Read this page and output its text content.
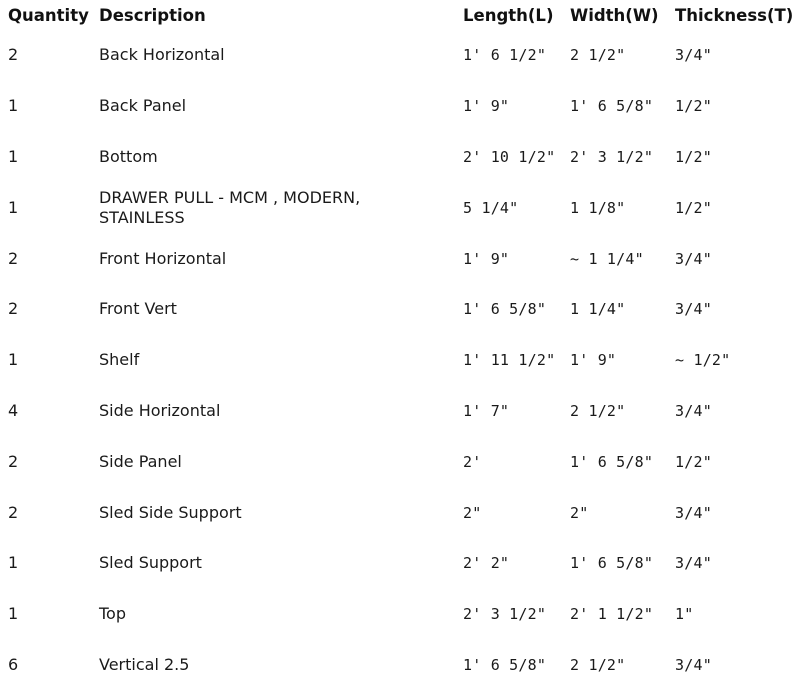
Quantity	Description	Length(L)	Width(W)	Thickness(T)
2	Back Horizontal	1' 6 1/2"	2 1/2"	3/4"
1	Back Panel	1' 9"	1' 6 5/8"	1/2"
1	Bottom	2' 10 1/2"	2' 3 1/2"	1/2"
1	DRAWER PULL - MCM , MODERN, STAINLESS	5 1/4"	1 1/8"	1/2"
2	Front Horizontal	1' 9"	~ 1 1/4"	3/4"
2	Front Vert	1' 6 5/8"	1 1/4"	3/4"
1	Shelf	1' 11 1/2"	1' 9"	~ 1/2"
4	Side Horizontal	1' 7"	2 1/2"	3/4"
2	Side Panel	2'	1' 6 5/8"	1/2"
2	Sled Side Support	2"	2"	3/4"
1	Sled Support	2' 2"	1' 6 5/8"	3/4"
1	Top	2' 3 1/2"	2' 1 1/2"	1"
6	Vertical 2.5	1' 6 5/8"	2 1/2"	3/4"
